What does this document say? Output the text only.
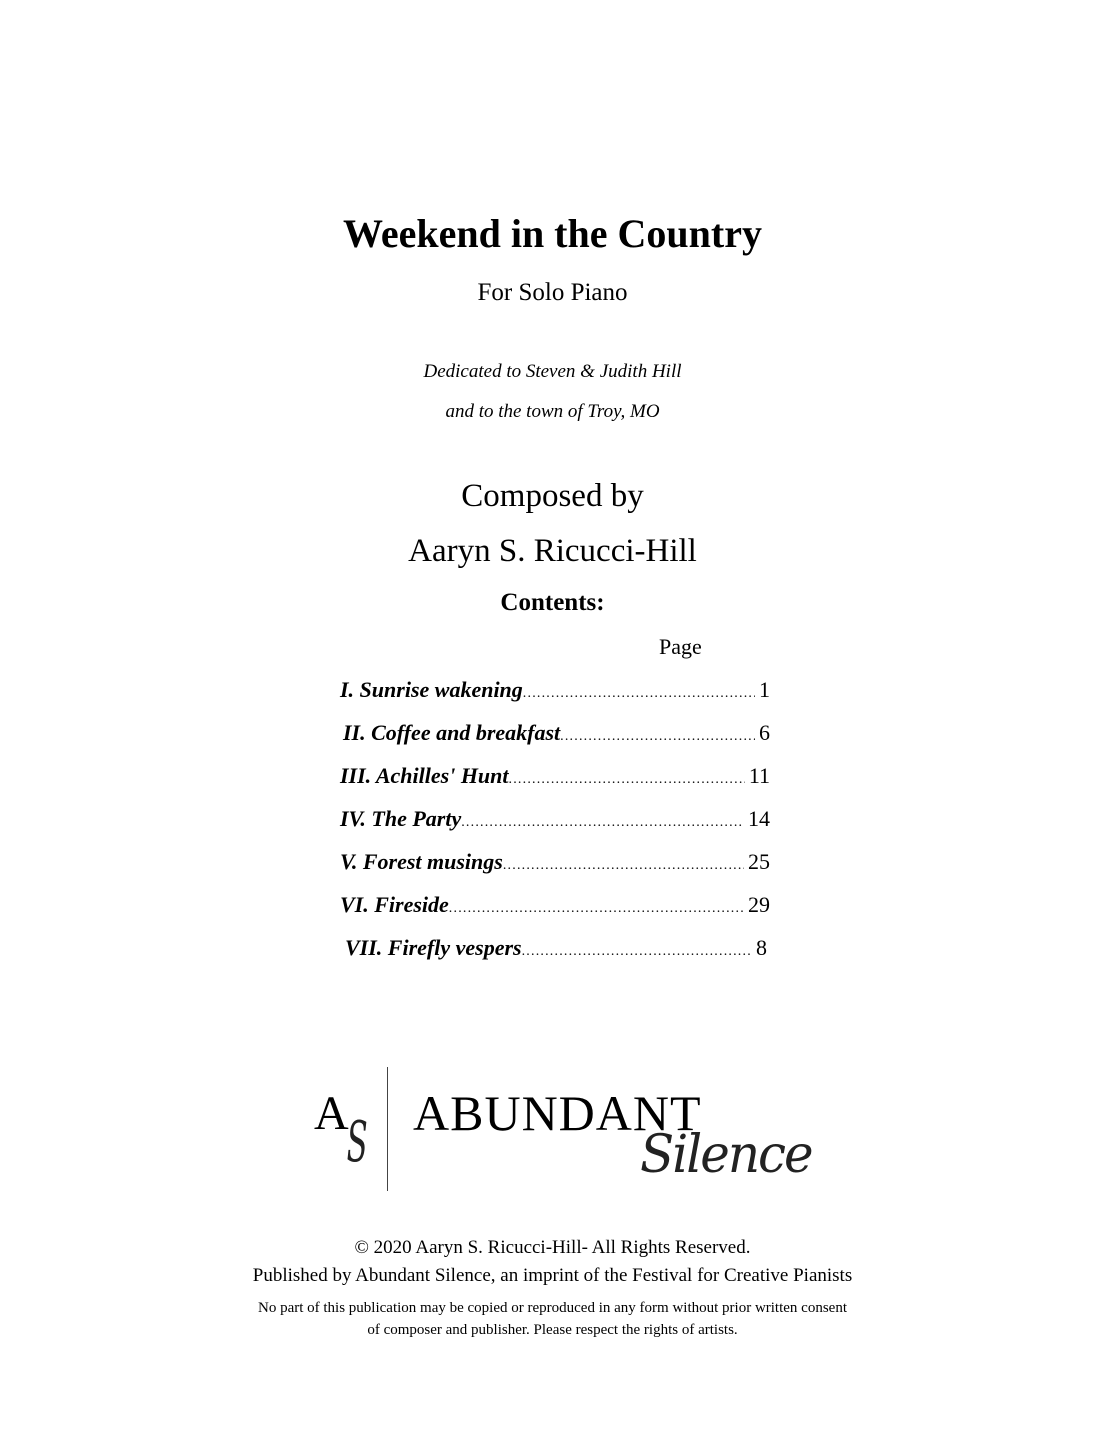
Weekend in the Country
For Solo Piano
Dedicated to Steven & Judith Hill
and to the town of Troy, MO
Composed by
Aaryn S. Ricucci-Hill
Contents:
Page
I. Sunrise wakening .....	1
II. Coffee and breakfast .....	6
III. Achilles' Hunt .....	11
IV. The Party .....	14
V. Forest musings .....	25
VI. Fireside .....	29
VII. Firefly vespers .....	8
A
S ABUNDANT
Silence
© 2020 Aaryn S. Ricucci-Hill- All Rights Reserved.
Published by Abundant Silence, an imprint of the Festival for Creative Pianists
No part of this publication may be copied or reproduced in any form without prior written consent
of composer and publisher. Please respect the rights of artists.
